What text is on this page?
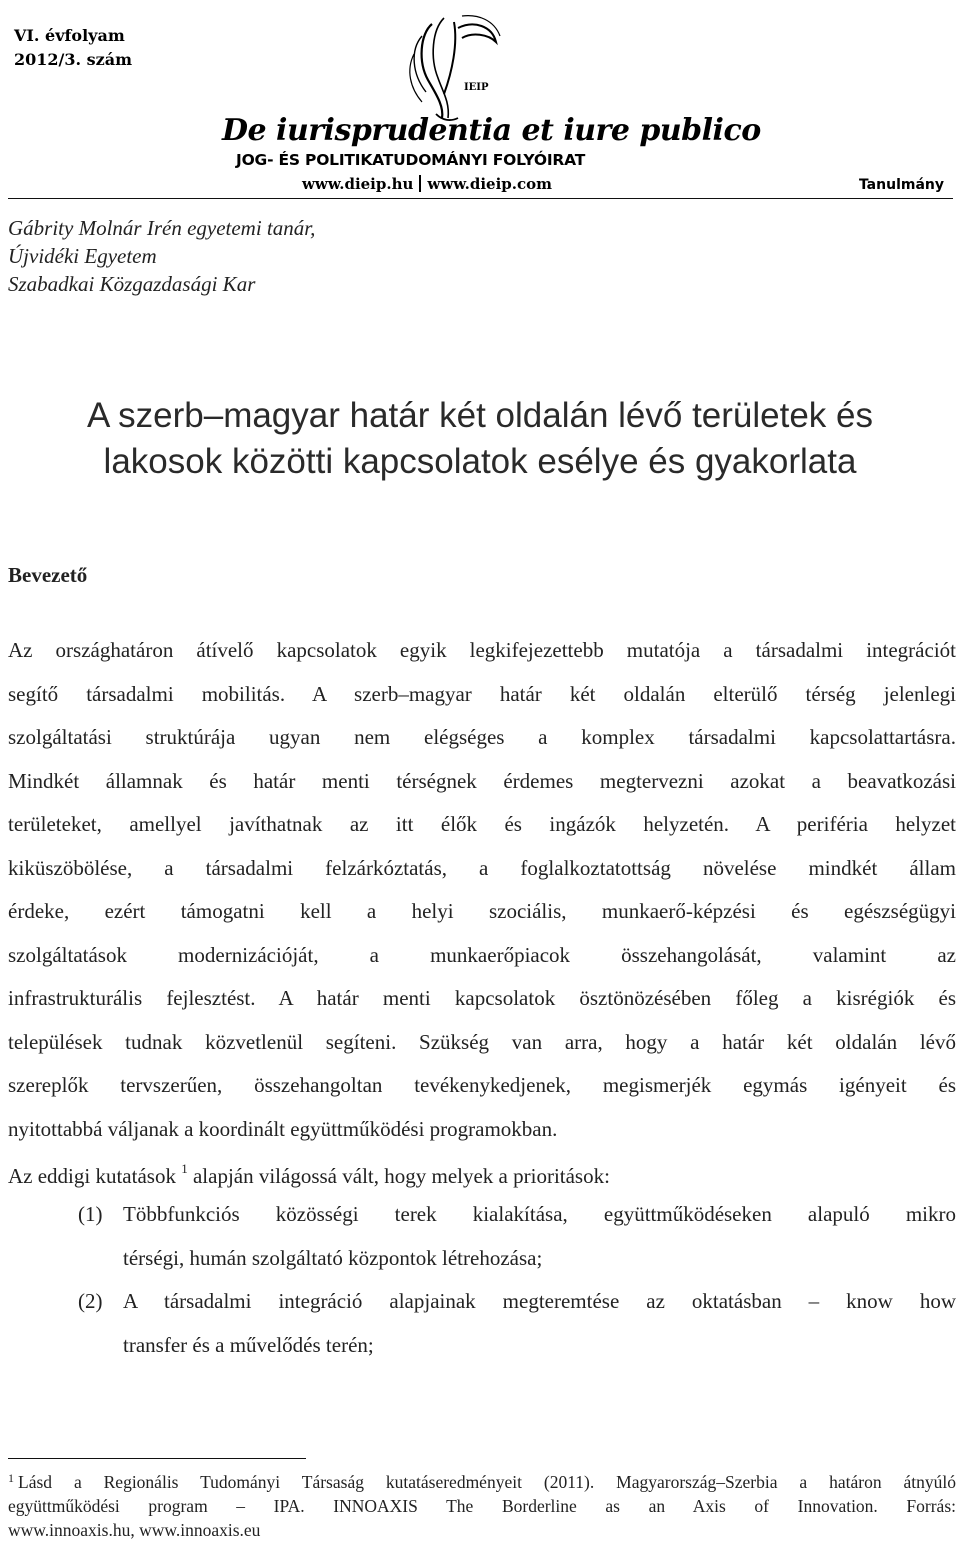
VI. évfolyam
2012/3. szám
IEIP
De iurisprudentia et iure publico
JOG- ÉS POLITIKATUDOMÁNYI FOLYÓIRAT
www.dieip.hu www.dieip.com	Tanulmány
Gábrity Molnár Irén egyetemi tanár,
Újvidéki Egyetem
Szabadkai Közgazdasági Kar
A szerb–magyar határ két oldalán lévő területek és
lakosok közötti kapcsolatok esélye és gyakorlata
Bevezető
Az országhatáron átívelő kapcsolatok egyik legkifejezettebb mutatója a társadalmi integrációt
segítő társadalmi mobilitás. A szerb–magyar határ két oldalán elterülő térség jelenlegi
szolgáltatási struktúrája ugyan nem elégséges a komplex társadalmi kapcsolattartásra.
Mindkét államnak és határ menti térségnek érdemes megtervezni azokat a beavatkozási
területeket, amellyel javíthatnak az itt élők és ingázók helyzetén. A periféria helyzet
kiküszöbölése, a társadalmi felzárkóztatás, a foglalkoztatottság növelése mindkét állam
érdeke, ezért támogatni kell a helyi szociális, munkaerő-képzési és egészségügyi
szolgáltatások modernizációját, a munkaerőpiacok összehangolását, valamint az
infrastrukturális fejlesztést. A határ menti kapcsolatok ösztönözésében főleg a kisrégiók és
települések tudnak közvetlenül segíteni. Szükség van arra, hogy a határ két oldalán lévő
szereplők tervszerűen, összehangoltan tevékenykedjenek, megismerjék egymás igényeit és
nyitottabbá váljanak a koordinált együttműködési programokban.
Az eddigi kutatások $^1$ alapján világossá vált, hogy melyek a prioritások:
(1) Többfunkciós közösségi terek kialakítása, együttműködéseken alapuló mikro
térségi, humán szolgáltató központok létrehozása;
(2) A társadalmi integráció alapjainak megteremtése az oktatásban – know how
transfer és a művelődés terén;
$^1$ Lásd a Regionális Tudományi Társaság kutatáseredményeit (2011). Magyarország–Szerbia a határon átnyúló
együttműködési program – IPA. INNOAXIS The Borderline as an Axis of Innovation. Forrás:
www.innoaxis.hu, www.innoaxis.eu
